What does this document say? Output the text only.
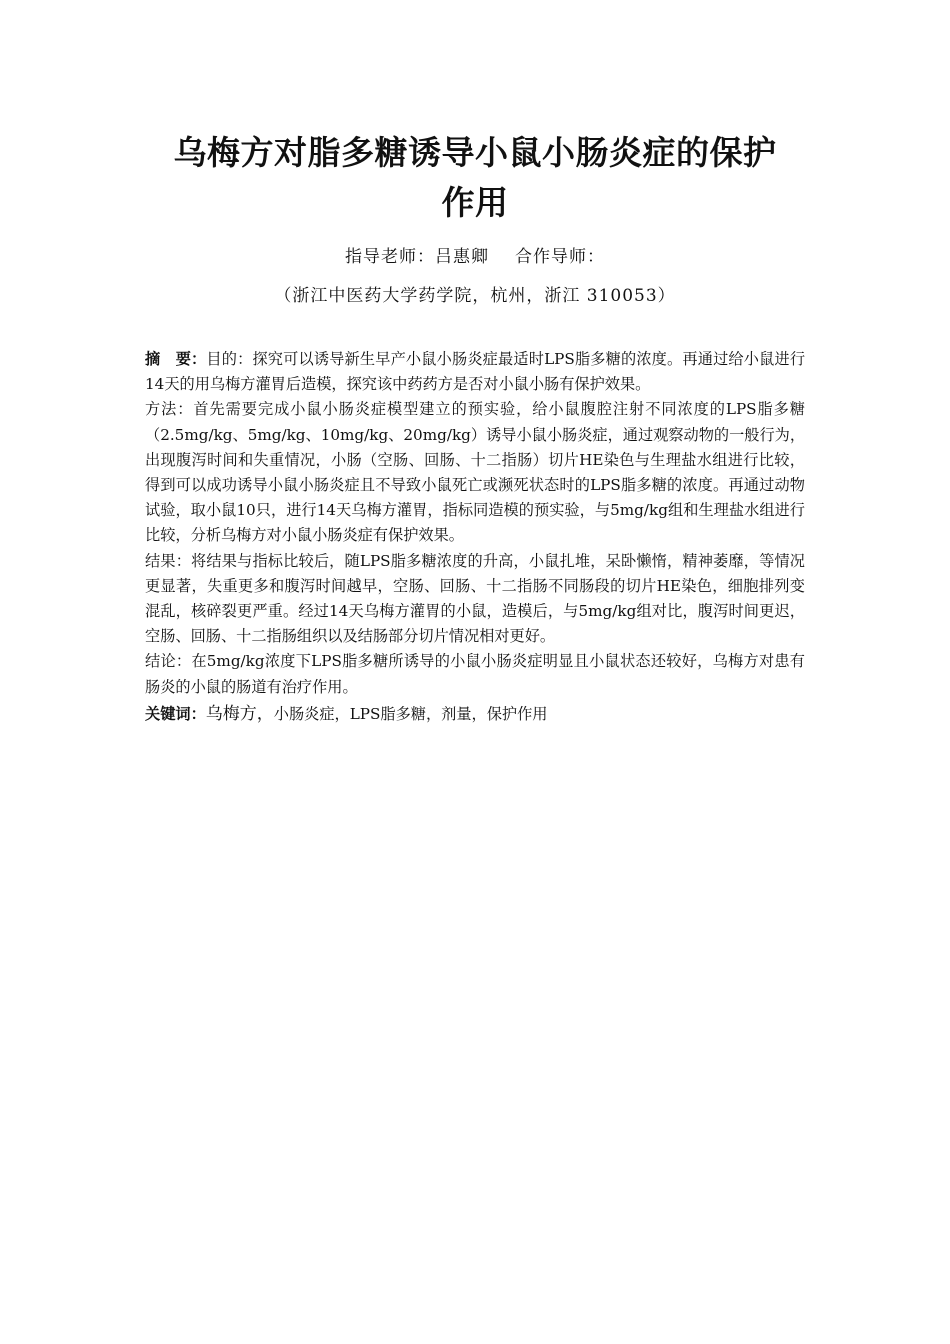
乌梅方对脂多糖诱导小鼠小肠炎症的保护
作用
指导老师：吕惠卿 合作导师：
（浙江中医药大学药学院，杭州，浙江 310053）

摘　要：目的：探究可以诱导新生早产小鼠小肠炎症最适时LPS脂多糖的浓度。再通过给小鼠进行14天的用乌梅方灌胃后造模，探究该中药药方是否对小鼠小肠有保护效果。

方法：首先需要完成小鼠小肠炎症模型建立的预实验，给小鼠腹腔注射不同浓度的LPS脂多糖（2.5mg/kg、5mg/kg、10mg/kg、20mg/kg）诱导小鼠小肠炎症，通过观察动物的一般行为，出现腹泻时间和失重情况，小肠（空肠、回肠、十二指肠）切片HE染色与生理盐水组进行比较，得到可以成功诱导小鼠小肠炎症且不导致小鼠死亡或濒死状态时的LPS脂多糖的浓度。再通过动物试验，取小鼠10只，进行14天乌梅方灌胃，指标同造模的预实验，与5mg/kg组和生理盐水组进行比较，分析乌梅方对小鼠小肠炎症有保护效果。

结果：将结果与指标比较后，随LPS脂多糖浓度的升高，小鼠扎堆，呆卧懒惰，精神萎靡，等情况更显著，失重更多和腹泻时间越早，空肠、回肠、十二指肠不同肠段的切片HE染色，细胞排列变混乱，核碎裂更严重。经过14天乌梅方灌胃的小鼠，造模后，与5mg/kg组对比，腹泻时间更迟，空肠、回肠、十二指肠组织以及结肠部分切片情况相对更好。

结论：在5mg/kg浓度下LPS脂多糖所诱导的小鼠小肠炎症明显且小鼠状态还较好，乌梅方对患有肠炎的小鼠的肠道有治疗作用。

关键词：乌梅方，小肠炎症，LPS脂多糖，剂量，保护作用
